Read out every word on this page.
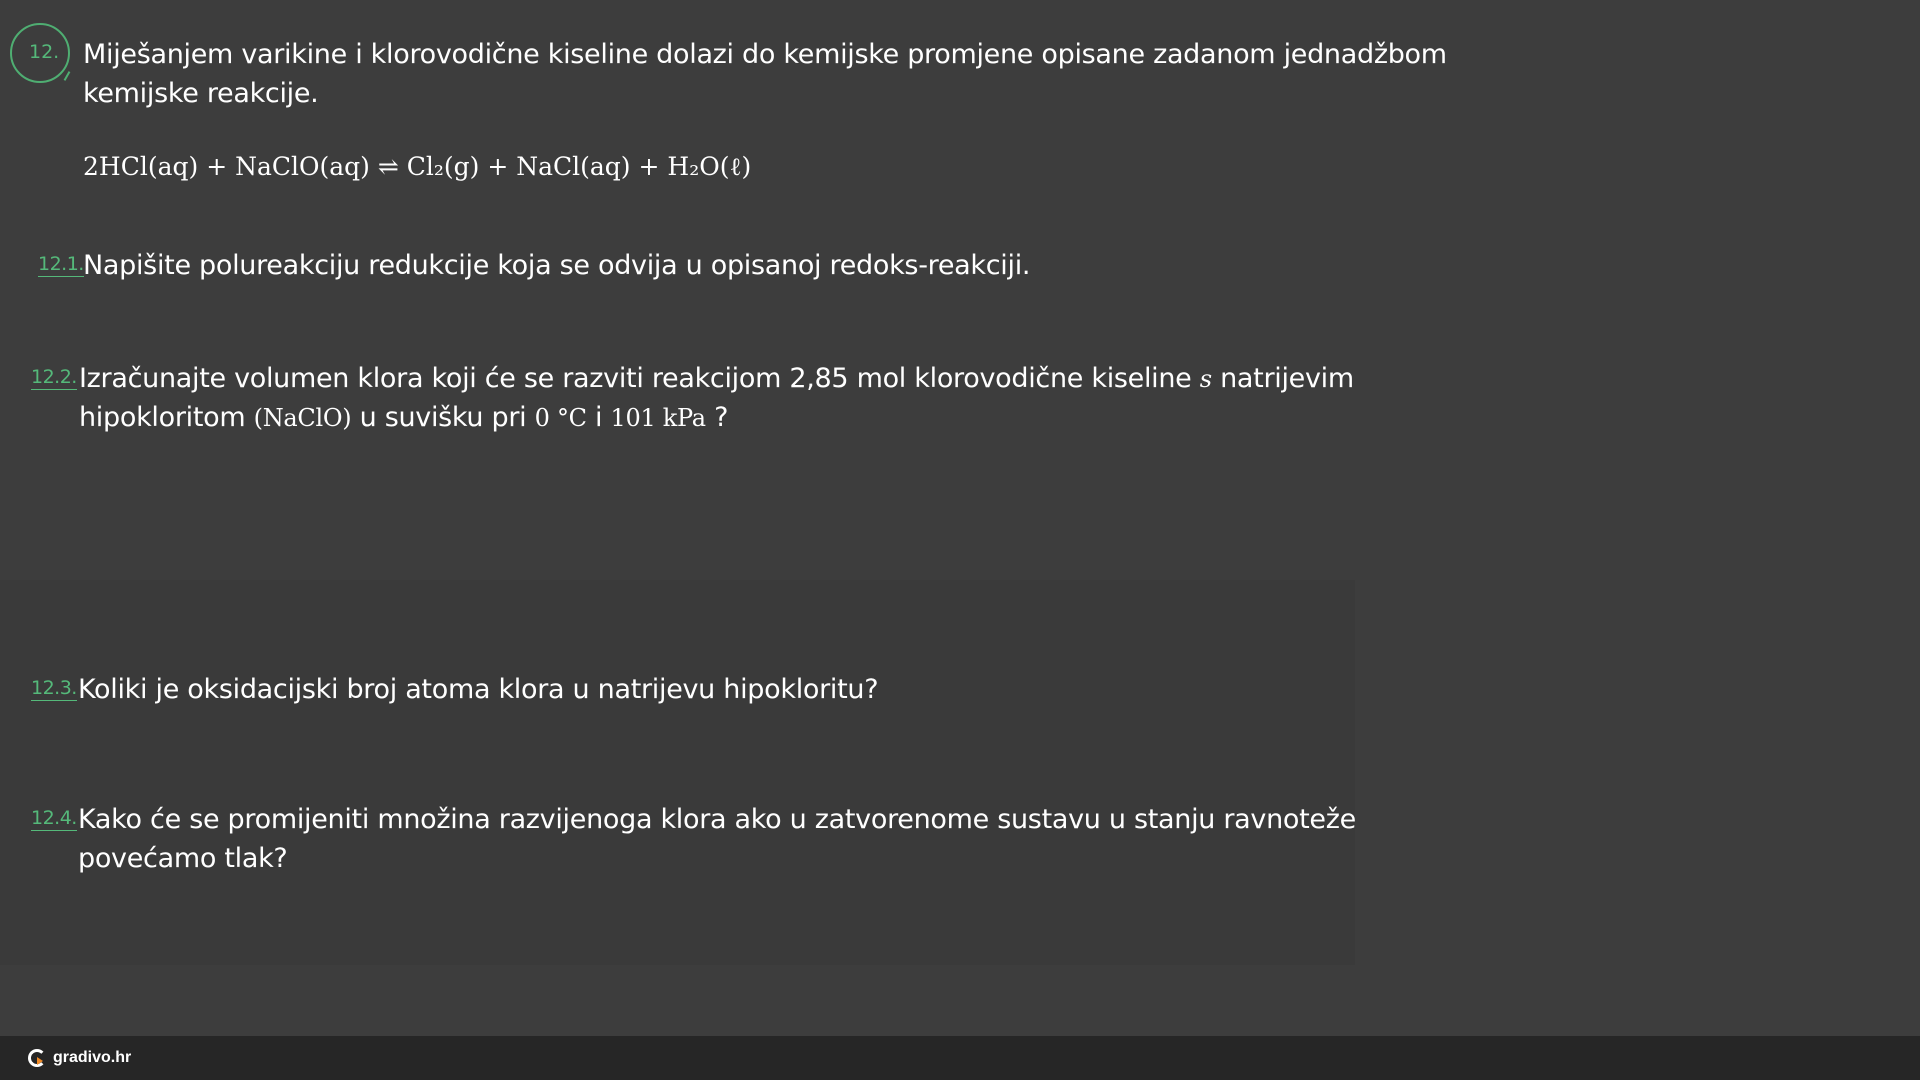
12. Miješanjem varikine i klorovodične kiseline dolazi do kemijske promjene opisane zadanom jednadžbom
kemijske reakcije.
2HCl(aq) + NaClO(aq) ⇌ Cl₂(g) + NaCl(aq) + H₂O(ℓ)
12.1. Napišite polureakciju redukcije koja se odvija u opisanoj redoks-reakciji.
12.2. Izračunajte volumen klora koji će se razviti reakcijom 2,85 mol klorovodične kiseline s natrijevim
hipokloritom (NaClO) u suvišku pri 0 °C i 101 kPa ?
12.3. Koliki je oksidacijski broj atoma klora u natrijevu hipokloritu?
12.4. Kako će se promijeniti množina razvijenoga klora ako u zatvorenome sustavu u stanju ravnoteže
povećamo tlak?
gradivo.hr
